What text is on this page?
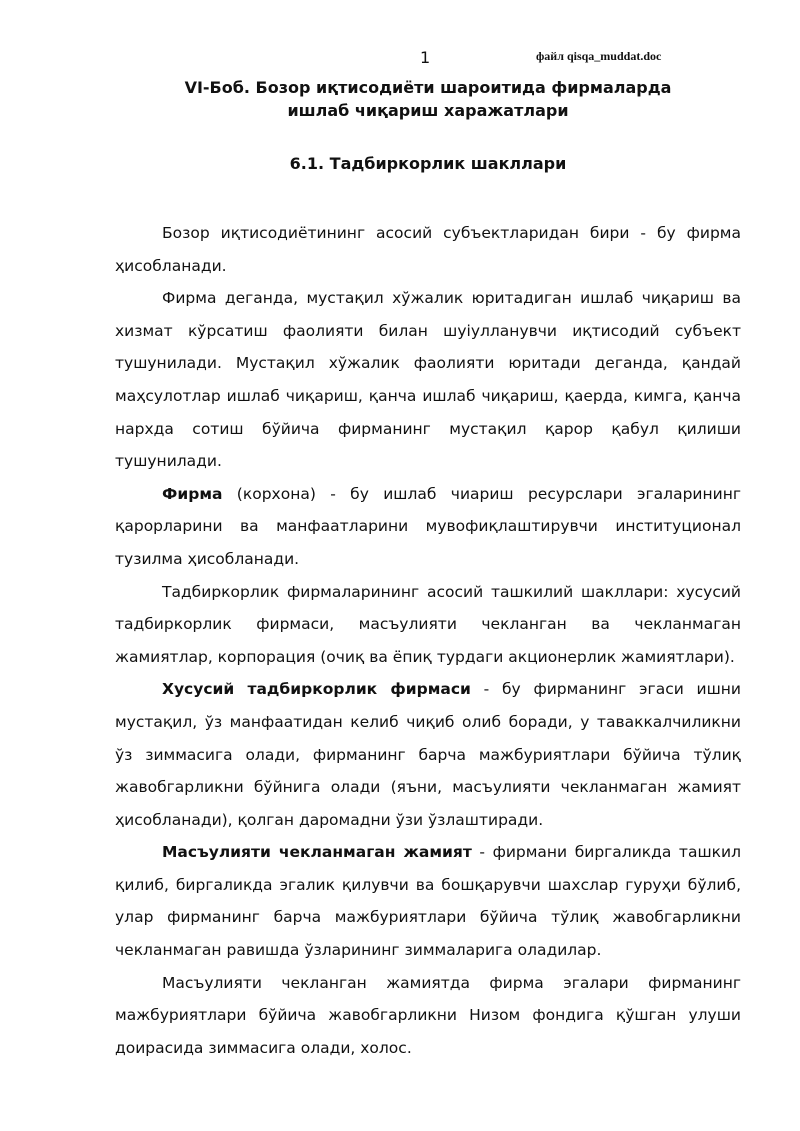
1	файл qisqa_muddat.doc
VI-Боб. Бозор иқтисодиёти шароитида фирмаларда
ишлаб чиқариш харажатлари
6.1. Тадбиркорлик шакллари

Бозор иқтисодиётининг асосий субъектларидан бири - бу фирма ҳисобланади.

Фирма деганда, мустақил хўжалик юритадиган ишлаб чиқариш ва хизмат кўрсатиш фаолияти билан шуіулланувчи иқтисодий субъект тушунилади. Мустақил хўжалик фаолияти юритади деганда, қандай маҳсулотлар ишлаб чиқариш, қанча ишлаб чиқариш, қаерда, кимга, қанча нархда сотиш бўйича фирманинг мустақил қарор қабул қилиши тушунилади.

Фирма (корхона) - бу ишлаб чиариш ресурслари эгаларининг қарорларини ва манфаатларини мувофиқлаштирувчи институционал тузилма ҳисобланади.

Тадбиркорлик фирмаларининг асосий ташкилий шакллари: хусусий тадбиркорлик фирмаси, масъулияти чекланган ва чекланмаган жамиятлар, корпорация (очиқ ва ёпиқ турдаги акционерлик жамиятлари).

Хусусий тадбиркорлик фирмаси - бу фирманинг эгаси ишни мустақил, ўз манфаатидан келиб чиқиб олиб боради, у таваккалчиликни ўз зиммасига олади, фирманинг барча мажбуриятлари бўйича тўлиқ жавобгарликни бўйнига олади (яъни, масъулияти чекланмаган жамият ҳисобланади), қолган даромадни ўзи ўзлаштиради.

Масъулияти чекланмаган жамият - фирмани биргаликда ташкил қилиб, биргаликда эгалик қилувчи ва бошқарувчи шахслар гуруҳи бўлиб, улар фирманинг барча мажбуриятлари бўйича тўлиқ жавобгарликни чекланмаган равишда ўзларининг зиммаларига оладилар.

Масъулияти чекланган жамиятда фирма эгалари фирманинг мажбуриятлари бўйича жавобгарликни Низом фондига қўшган улуши доирасида зиммасига олади, холос.
